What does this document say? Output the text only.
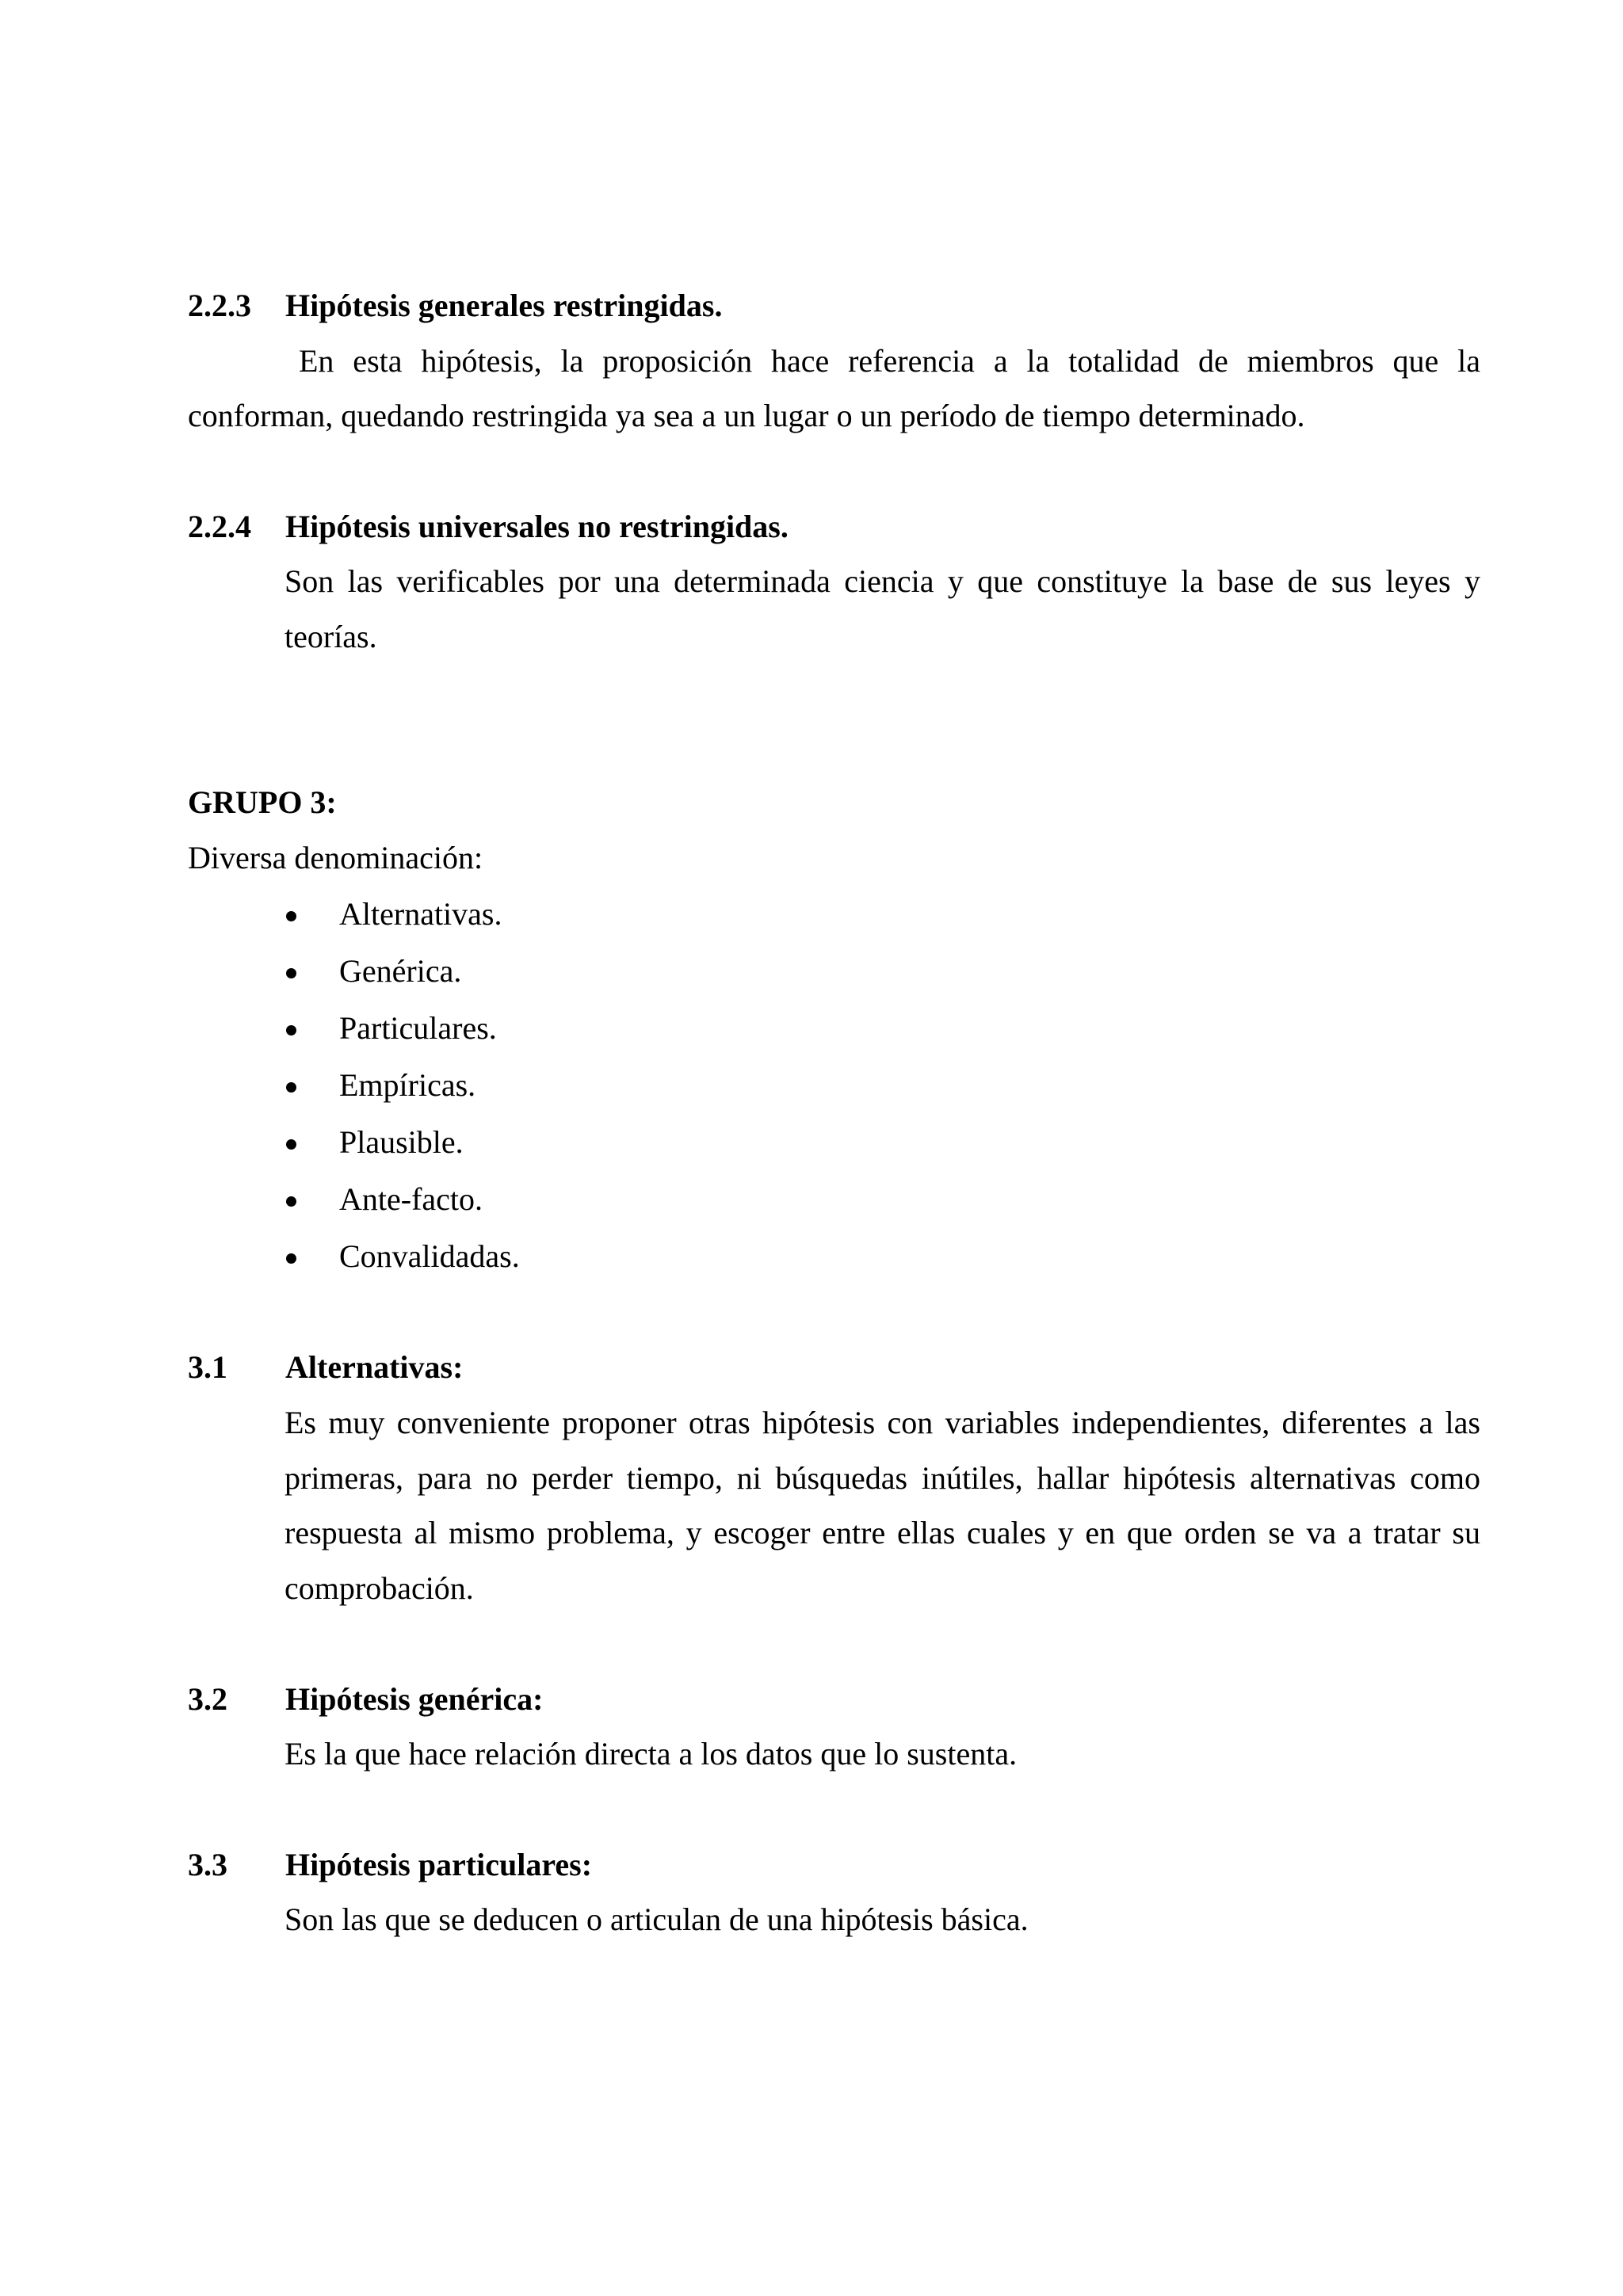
2.2.3 Hipótesis generales restringidas.
En esta hipótesis, la proposición hace referencia a la totalidad de miembros que la
conforman, quedando restringida ya sea a un lugar o un período de tiempo determinado.
2.2.4 Hipótesis universales no restringidas.
Son las verificables por una determinada ciencia y que constituye la base de sus leyes y
teorías.
GRUPO 3:
Diversa denominación:
Alternativas.
Genérica.
Particulares.
Empíricas.
Plausible.
Ante-facto.
Convalidadas.
3.1 Alternativas:
Es muy conveniente proponer otras hipótesis con variables independientes, diferentes a las
primeras, para no perder tiempo, ni búsquedas inútiles, hallar hipótesis alternativas como
respuesta al mismo problema, y escoger entre ellas cuales y en que orden se va a tratar su
comprobación.
3.2 Hipótesis genérica:
Es la que hace relación directa a los datos que lo sustenta.
3.3 Hipótesis particulares:
Son las que se deducen o articulan de una hipótesis básica.
